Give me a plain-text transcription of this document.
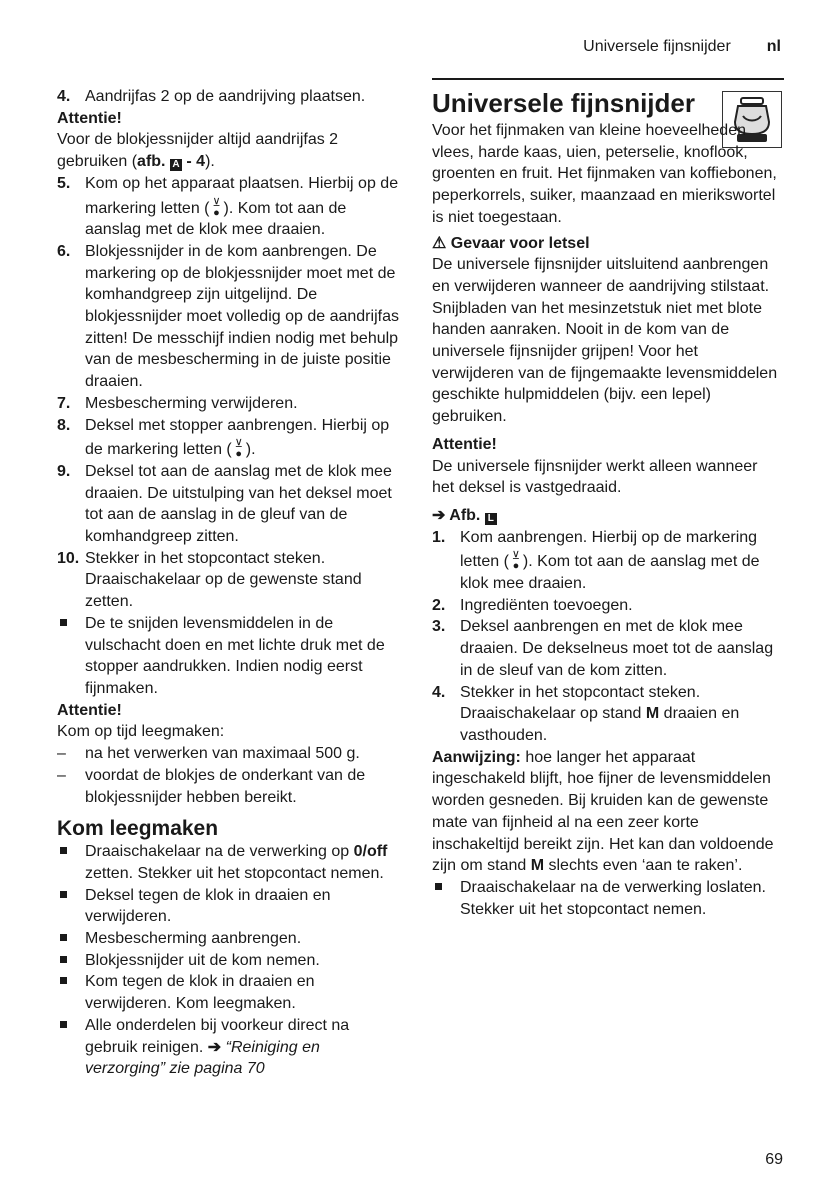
Universele fijnsnijder nl
4. Aandrijfas 2 op de aandrijving plaatsen.
Attentie!
Voor de blokjessnijder altijd aandrijfas 2 gebruiken (afb. A - 4).
5. Kom op het apparaat plaatsen. Hierbij op de markering letten ( ⊻
● ). Kom tot aan de aanslag met de klok mee draaien.
6. Blokjessnijder in de kom aanbrengen. De markering op de blokjessnijder moet met de komhandgreep zijn uitgelijnd. De blokjessnijder moet volledig op de aandrijfas zitten! De messchijf indien nodig met behulp van de mesbescherming in de juiste positie draaien.
7. Mesbescherming verwijderen.
8. Deksel met stopper aanbrengen. Hierbij op de markering letten ( ⊻
● ).
9. Deksel tot aan de aanslag met de klok mee draaien. De uitstulping van het deksel moet tot aan de aanslag in de gleuf van de komhandgreep zitten.
10. Stekker in het stopcontact steken. Draaischakelaar op de gewenste stand zetten.
De te snijden levensmiddelen in de vulschacht doen en met lichte druk met de stopper aandrukken. Indien nodig eerst fijnmaken.
Attentie!
Kom op tijd leegmaken:
–	na het verwerken van maximaal 500 g.
–	voordat de blokjes de onderkant van de blokjessnijder hebben bereikt.
Kom leegmaken
Draaischakelaar na de verwerking op 0/off zetten. Stekker uit het stopcontact nemen.
Deksel tegen de klok in draaien en verwijderen.
Mesbescherming aanbrengen.
Blokjessnijder uit de kom nemen.
Kom tegen de klok in draaien en verwijderen. Kom leegmaken.
Alle onderdelen bij voorkeur direct na gebruik reinigen. ➔ “Reiniging en verzorging” zie pagina 70
Universele fijnsnijder
Voor het fijnmaken van kleine hoeveelheden vlees, harde kaas, uien, peterselie, knoflook, groenten en fruit. Het fijnmaken van koffiebonen, peperkorrels, suiker, maanzaad en mierikswortel is niet toegestaan.
⚠ Gevaar voor letsel
De universele fijnsnijder uitsluitend aanbrengen en verwijderen wanneer de aandrijving stilstaat. Snijbladen van het mesinzetstuk niet met blote handen aanraken. Nooit in de kom van de universele fijnsnijder grijpen! Voor het verwijderen van de fijngemaakte levensmiddelen geschikte hulpmiddelen (bijv. een lepel) gebruiken.
Attentie!
De universele fijnsnijder werkt alleen wanneer het deksel is vastgedraaid.
➔ Afb. L
1. Kom aanbrengen. Hierbij op de markering letten ( ⊻
● ). Kom tot aan de aanslag met de klok mee draaien.
2. Ingrediënten toevoegen.
3. Deksel aanbrengen en met de klok mee draaien. De dekselneus moet tot de aanslag in de sleuf van de kom zitten.
4. Stekker in het stopcontact steken. Draaischakelaar op stand M draaien en vasthouden.
Aanwijzing: hoe langer het apparaat ingeschakeld blijft, hoe fijner de levensmiddelen worden gesneden. Bij kruiden kan de gewenste mate van fijnheid al na een zeer korte inschakeltijd bereikt zijn. Het kan dan voldoende zijn om stand M slechts even ‘aan te raken’.
Draaischakelaar na de verwerking loslaten. Stekker uit het stopcontact nemen.
69
